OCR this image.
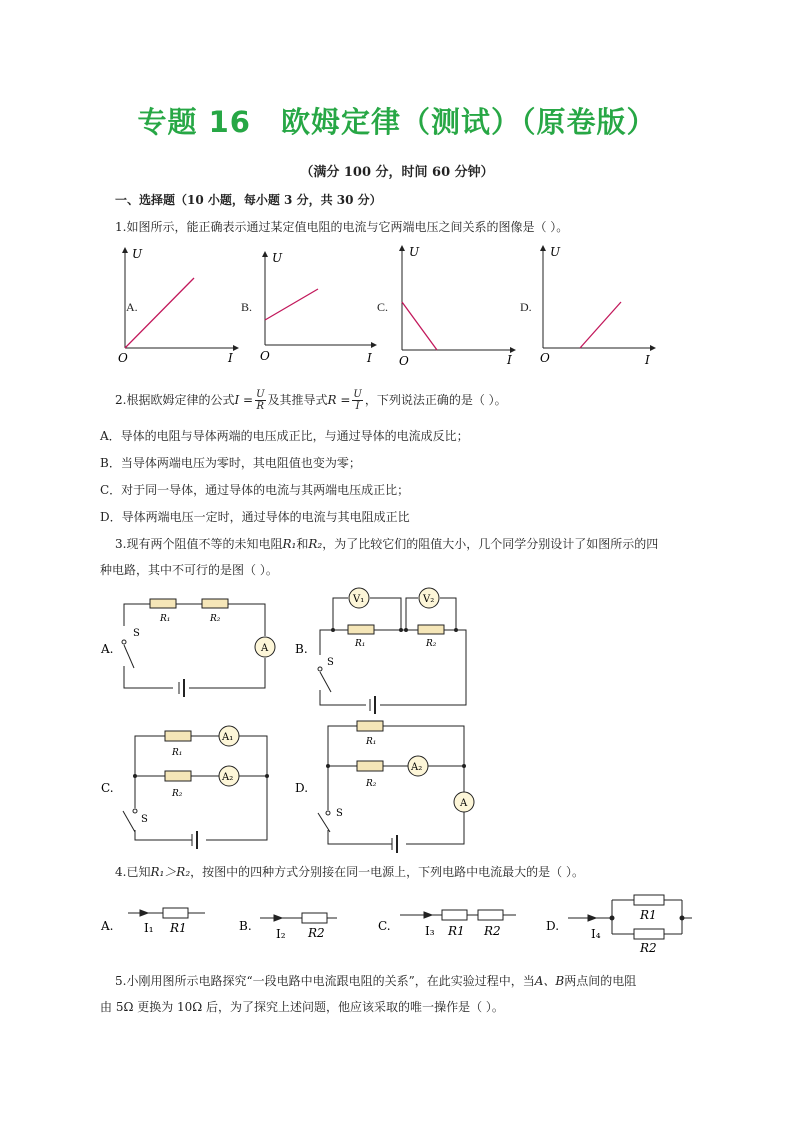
专题 16　欧姆定律（测试）（原卷版）
（满分 100 分，时间 60 分钟）
一、选择题（10 小题，每小题 3 分，共 30 分）
1.如图所示，能正确表示通过某定值电阻的电流与它两端电压之间关系的图像是（ ）。
A.	B.	C.	D.
U
O	I
U
O	I
U
O	I
U
O	I
A
R₁	R₂
S
A.
V₁	V₂
R₁	R₂
S
B.
A₁
A₂
R₁
R₂
S
C.
A₂
A
R₁
R₂
S
D.
I₁ R1
A.
I₂ R2
B.	I₃ R1 R2
C.
I₄
R1
R2
D.
2.根据欧姆定律的公式$I = \frac{U}{R}$ 及其推导式$R = \frac{U}{I}$ ，下列说法正确的是（ ）。
A．导体的电阻与导体两端的电压成正比，与通过导体的电流成反比；
B．当导体两端电压为零时，其电阻值也变为零；
C．对于同一导体，通过导体的电流与其两端电压成正比；
D．导体两端电压一定时，通过导体的电流与其电阻成正比
3.现有两个阻值不等的未知电阻R₁和R₂，为了比较它们的阻值大小，几个同学分别设计了如图所示的四
种电路，其中不可行的是图（ ）。
4.已知R₁＞R₂，按图中的四种方式分别接在同一电源上，下列电路中电流最大的是（ ）。
5.小刚用图所示电路探究“一段电路中电流跟电阻的关系”，在此实验过程中，当A、B两点间的电阻
由 5Ω 更换为 10Ω 后，为了探究上述问题，他应该采取的唯一操作是（ ）。
